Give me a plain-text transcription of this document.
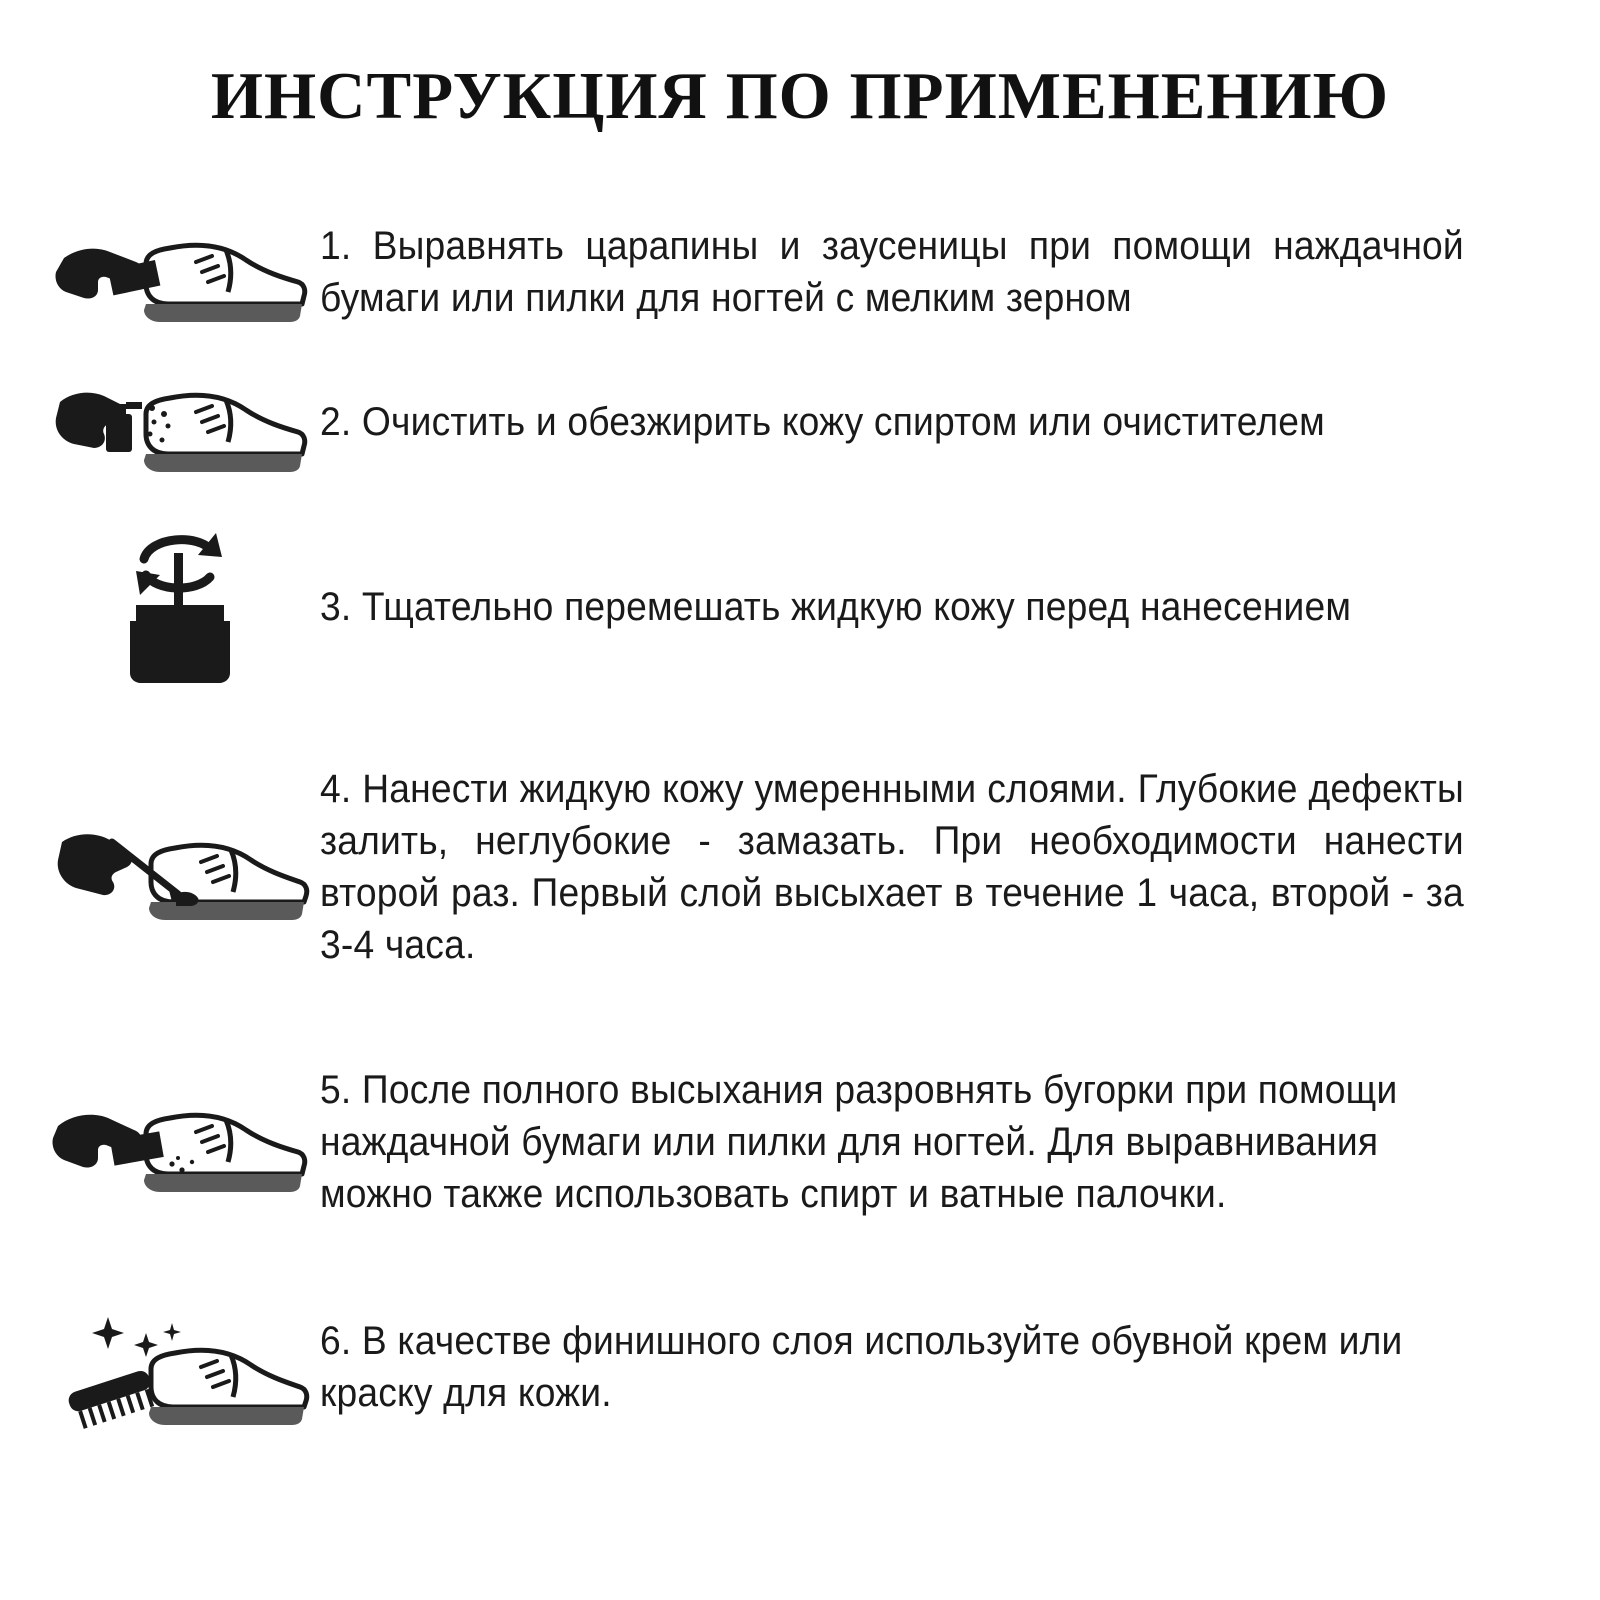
ИНСТРУКЦИЯ ПО ПРИМЕНЕНИЮ
1. Выравнять царапины и заусеницы при помощи наждачной бумаги или пилки для ногтей с мелким зерном
2. Очистить и обезжирить кожу спиртом или очистителем
3. Тщательно перемешать жидкую кожу перед нанесением
4. Нанести жидкую кожу умеренными слоями. Глубокие дефекты залить, неглубокие - замазать. При необходимости нанести второй раз. Первый слой высыхает в течение 1 часа, второй - за 3-4 часа.
5. После полного высыхания разровнять бугорки при помощи наждачной бумаги или пилки для ногтей. Для выравнивания можно также использовать спирт и ватные палочки.
6. В качестве финишного слоя используйте обувной крем или краску для кожи.
